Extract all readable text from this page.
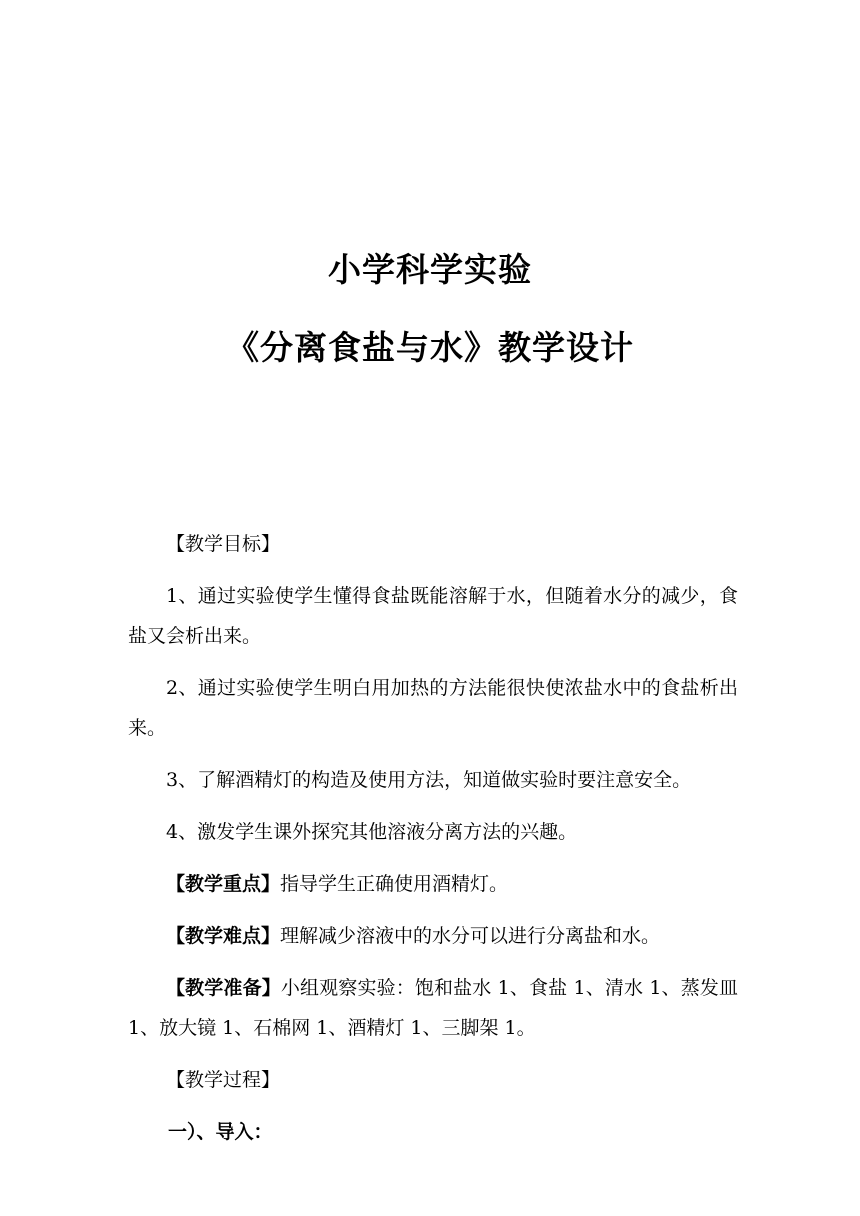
小学科学实验
《分离食盐与水》教学设计

【教学目标】

1、通过实验使学生懂得食盐既能溶解于水，但随着水分的减少，食盐又会析出来。

2、通过实验使学生明白用加热的方法能很快使浓盐水中的食盐析出来。

3、了解酒精灯的构造及使用方法，知道做实验时要注意安全。

4、激发学生课外探究其他溶液分离方法的兴趣。

【教学重点】指导学生正确使用酒精灯。

【教学难点】理解减少溶液中的水分可以进行分离盐和水。

【教学准备】小组观察实验：饱和盐水 1、食盐 1、清水 1、蒸发皿 1、放大镜 1、石棉网 1、酒精灯 1、三脚架 1。

【教学过程】

一）、导入：
